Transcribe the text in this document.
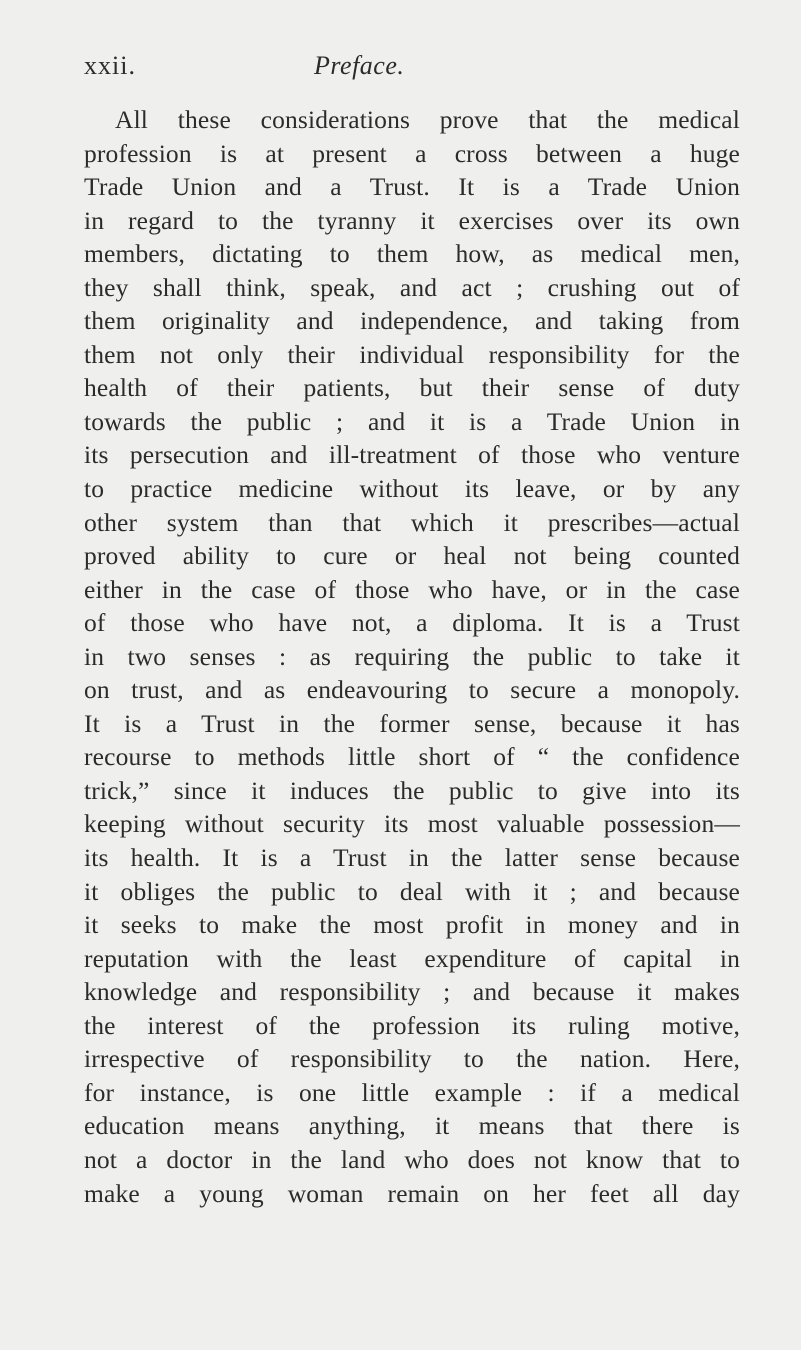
xxii.	Preface.
All these considerations prove that the medical
profession is at present a cross between a huge
Trade Union and a Trust. It is a Trade Union
in regard to the tyranny it exercises over its own
members, dictating to them how, as medical men,
they shall think, speak, and act ; crushing out of
them originality and independence, and taking from
them not only their individual responsibility for the
health of their patients, but their sense of duty
towards the public ; and it is a Trade Union in
its persecution and ill-treatment of those who venture
to practice medicine without its leave, or by any
other system than that which it prescribes—actual
proved ability to cure or heal not being counted
either in the case of those who have, or in the case
of those who have not, a diploma. It is a Trust
in two senses : as requiring the public to take it
on trust, and as endeavouring to secure a monopoly.
It is a Trust in the former sense, because it has
recourse to methods little short of “ the confidence
trick,” since it induces the public to give into its
keeping without security its most valuable possession—
its health. It is a Trust in the latter sense because
it obliges the public to deal with it ; and because
it seeks to make the most profit in money and in
reputation with the least expenditure of capital in
knowledge and responsibility ; and because it makes
the interest of the profession its ruling motive,
irrespective of responsibility to the nation. Here,
for instance, is one little example : if a medical
education means anything, it means that there is
not a doctor in the land who does not know that to
make a young woman remain on her feet all day
